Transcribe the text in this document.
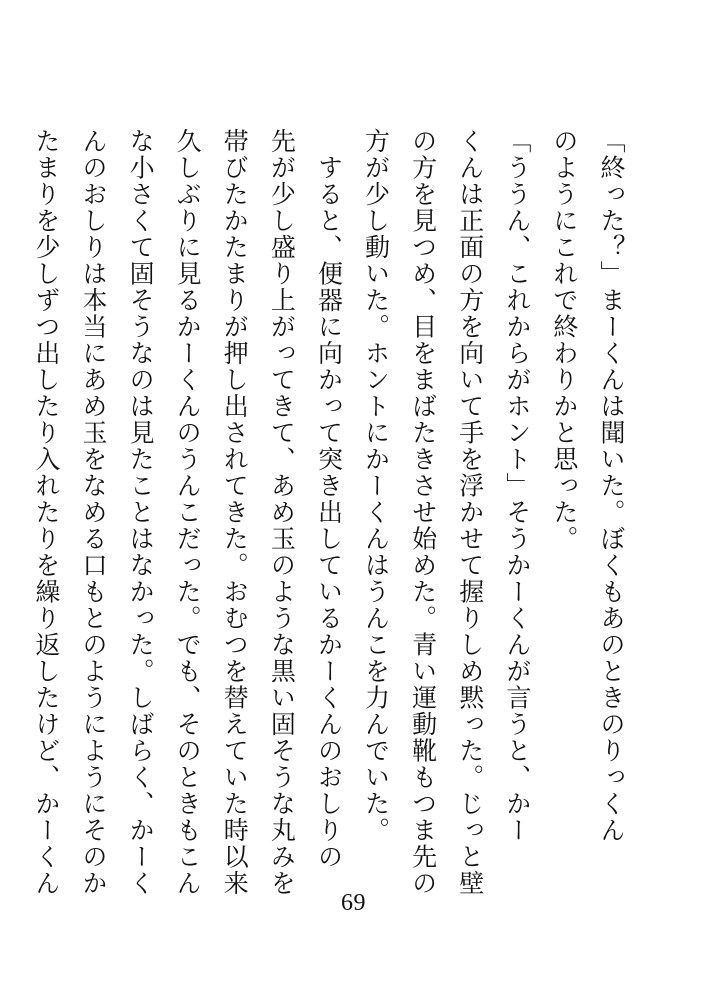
「終った？」まーくんは聞いた。ぼくもあのときのりっくん
のようにこれで終わりかと思った。
「ううん、これからがホント」そうかーくんが言うと、かー
くんは正面の方を向いて手を浮かせて握りしめ黙った。じっと壁
の方を見つめ、目をまばたきさせ始めた。青い運動靴もつま先の
方が少し動いた。ホントにかーくんはうんこを力んでいた。
　すると、便器に向かって突き出しているかーくんのおしりの
先が少し盛り上がってきて、あめ玉のような黒い固そうな丸みを
帯びたかたまりが押し出されてきた。おむつを替えていた時以来
久しぶりに見るかーくんのうんこだった。でも、そのときもこん
な小さくて固そうなのは見たことはなかった。しばらく、かーく
んのおしりは本当にあめ玉をなめる口もとのようにようにそのか
たまりを少しずつ出したり入れたりを繰り返したけど、かーくん
69
